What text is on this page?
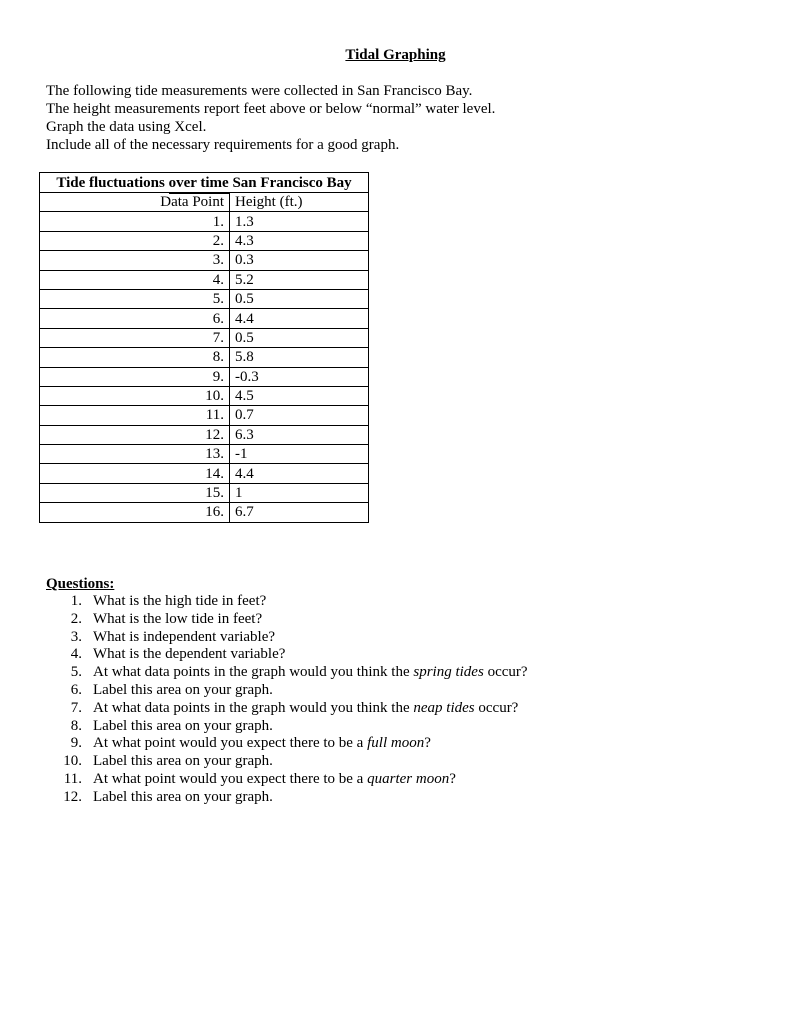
Tidal Graphing
The following tide measurements were collected in San Francisco Bay.
The height measurements report feet above or below “normal” water level.
Graph the data using Xcel.
Include all of the necessary requirements for a good graph.
Tide fluctuations over time San Francisco Bay	
Data Point	Height (ft.)
1.	1.3
2.	4.3
3.	0.3
4.	5.2
5.	0.5
6.	4.4
7.	0.5
8.	5.8
9.	-0.3
10.	4.5
11.	0.7
12.	6.3
13.	-1
14.	4.4
15.	1
16.	6.7
Questions:
1. What is the high tide in feet?
2. What is the low tide in feet?
3. What is independent variable?
4. What is the dependent variable?
5. At what data points in the graph would you think the spring tides occur?
6. Label this area on your graph.
7. At what data points in the graph would you think the neap tides occur?
8. Label this area on your graph.
9. At what point would you expect there to be a full moon?
10. Label this area on your graph.
11. At what point would you expect there to be a quarter moon?
12. Label this area on your graph.
